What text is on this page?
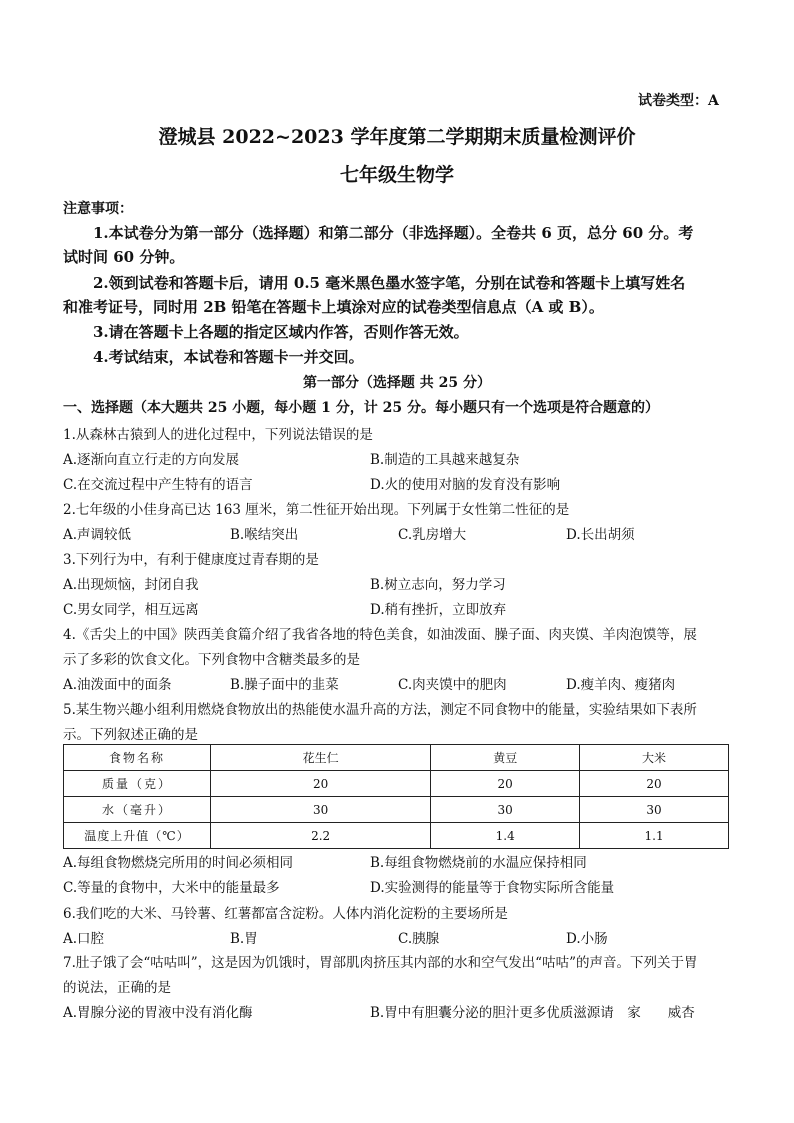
试卷类型：A
澄城县 2022~2023 学年度第二学期期末质量检测评价
七年级生物学
注意事项：
1.本试卷分为第一部分（选择题）和第二部分（非选择题）。全卷共 6 页，总分 60 分。考
试时间 60 分钟。
2.领到试卷和答题卡后，请用 0.5 毫米黑色墨水签字笔，分别在试卷和答题卡上填写姓名
和准考证号，同时用 2B 铅笔在答题卡上填涂对应的试卷类型信息点（A 或 B）。
3.请在答题卡上各题的指定区域内作答，否则作答无效。
4.考试结束，本试卷和答题卡一并交回。
第一部分（选择题 共 25 分）
一、选择题（本大题共 25 小题，每小题 1 分，计 25 分。每小题只有一个选项是符合题意的）
1.从森林古猿到人的进化过程中，下列说法错误的是
A.逐渐向直立行走的方向发展	B.制造的工具越来越复杂
C.在交流过程中产生特有的语言	D.火的使用对脑的发育没有影响
2.七年级的小佳身高已达 163 厘米，第二性征开始出现。下列属于女性第二性征的是
A.声调较低	B.喉结突出	C.乳房增大	D.长出胡须
3.下列行为中，有利于健康度过青春期的是
A.出现烦恼，封闭自我	B.树立志向，努力学习
C.男女同学，相互远离	D.稍有挫折，立即放弃
4.《舌尖上的中国》陕西美食篇介绍了我省各地的特色美食，如油泼面、臊子面、肉夹馍、羊肉泡馍等，展
示了多彩的饮食文化。下列食物中含糖类最多的是
A.油泼面中的面条	B.臊子面中的韭菜	C.肉夹馍中的肥肉	D.瘦羊肉、瘦猪肉
5.某生物兴趣小组利用燃烧食物放出的热能使水温升高的方法，测定不同食物中的能量，实验结果如下表所
示。下列叙述正确的是
食物名称	花生仁	黄豆	大米
质量（克）	20	20	20
水（毫升）	30	30	30
温度上升值（℃）	2.2	1.4	1.1
A.每组食物燃烧完所用的时间必须相同	B.每组食物燃烧前的水温应保持相同
C.等量的食物中，大米中的能量最多	D.实验测得的能量等于食物实际所含能量
6.我们吃的大米、马铃薯、红薯都富含淀粉。人体内消化淀粉的主要场所是
A.口腔	B.胃	C.胰腺	D.小肠
7.肚子饿了会“咕咕叫”，这是因为饥饿时，胃部肌肉挤压其内部的水和空气发出“咕咕”的声音。下列关于胃
的说法，正确的是
A.胃腺分泌的胃液中没有消化酶	B.胃中有胆囊分泌的胆汁更多优质滋源请　家　　威杏
